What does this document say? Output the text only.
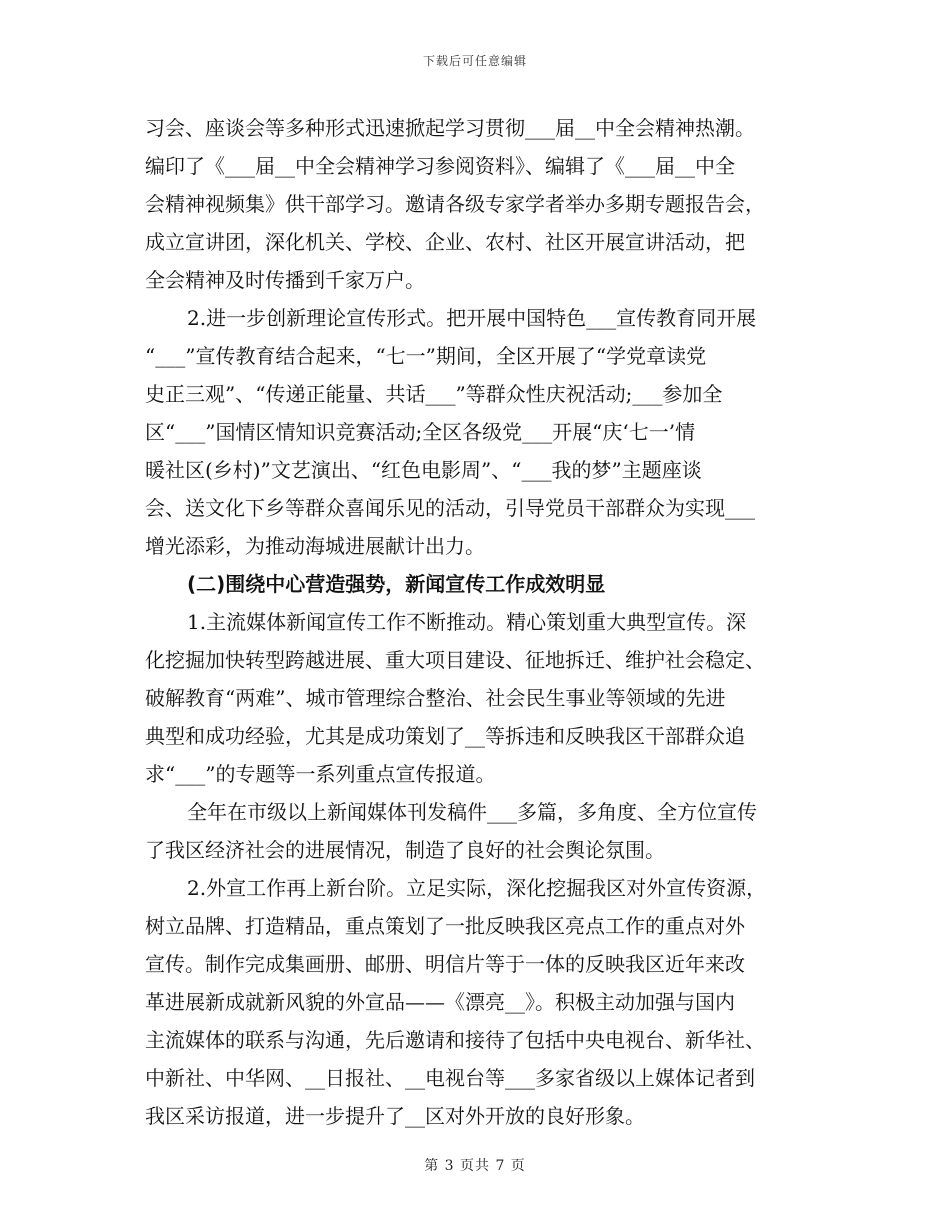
下载后可任意编辑
习会、座谈会等多种形式迅速掀起学习贯彻___届__中全会精神热潮。
编印了《___届__中全会精神学习参阅资料》、编辑了《___届__中全
会精神视频集》供干部学习。邀请各级专家学者举办多期专题报告会，
成立宣讲团，深化机关、学校、企业、农村、社区开展宣讲活动，把
全会精神及时传播到千家万户。
2.进一步创新理论宣传形式。把开展中国特色___宣传教育同开展
“___”宣传教育结合起来，“七一”期间，全区开展了“学党章读党
史正三观”、“传递正能量、共话___”等群众性庆祝活动;___参加全
区“___”国情区情知识竞赛活动;全区各级党___开展“庆‘七一’情
暖社区(乡村)”文艺演出、“红色电影周”、“___我的梦”主题座谈
会、送文化下乡等群众喜闻乐见的活动，引导党员干部群众为实现___
增光添彩，为推动海城进展献计出力。
(二)围绕中心营造强势，新闻宣传工作成效明显
1.主流媒体新闻宣传工作不断推动。精心策划重大典型宣传。深
化挖掘加快转型跨越进展、重大项目建设、征地拆迁、维护社会稳定、
破解教育“两难”、城市管理综合整治、社会民生事业等领域的先进
典型和成功经验，尤其是成功策划了__等拆违和反映我区干部群众追
求“___”的专题等一系列重点宣传报道。
全年在市级以上新闻媒体刊发稿件___多篇，多角度、全方位宣传
了我区经济社会的进展情况，制造了良好的社会舆论氛围。
2.外宣工作再上新台阶。立足实际，深化挖掘我区对外宣传资源，
树立品牌、打造精品，重点策划了一批反映我区亮点工作的重点对外
宣传。制作完成集画册、邮册、明信片等于一体的反映我区近年来改
革进展新成就新风貌的外宣品——《漂亮__》。积极主动加强与国内
主流媒体的联系与沟通，先后邀请和接待了包括中央电视台、新华社、
中新社、中华网、__日报社、__电视台等___多家省级以上媒体记者到
我区采访报道，进一步提升了__区对外开放的良好形象。
第 3 页共 7 页
